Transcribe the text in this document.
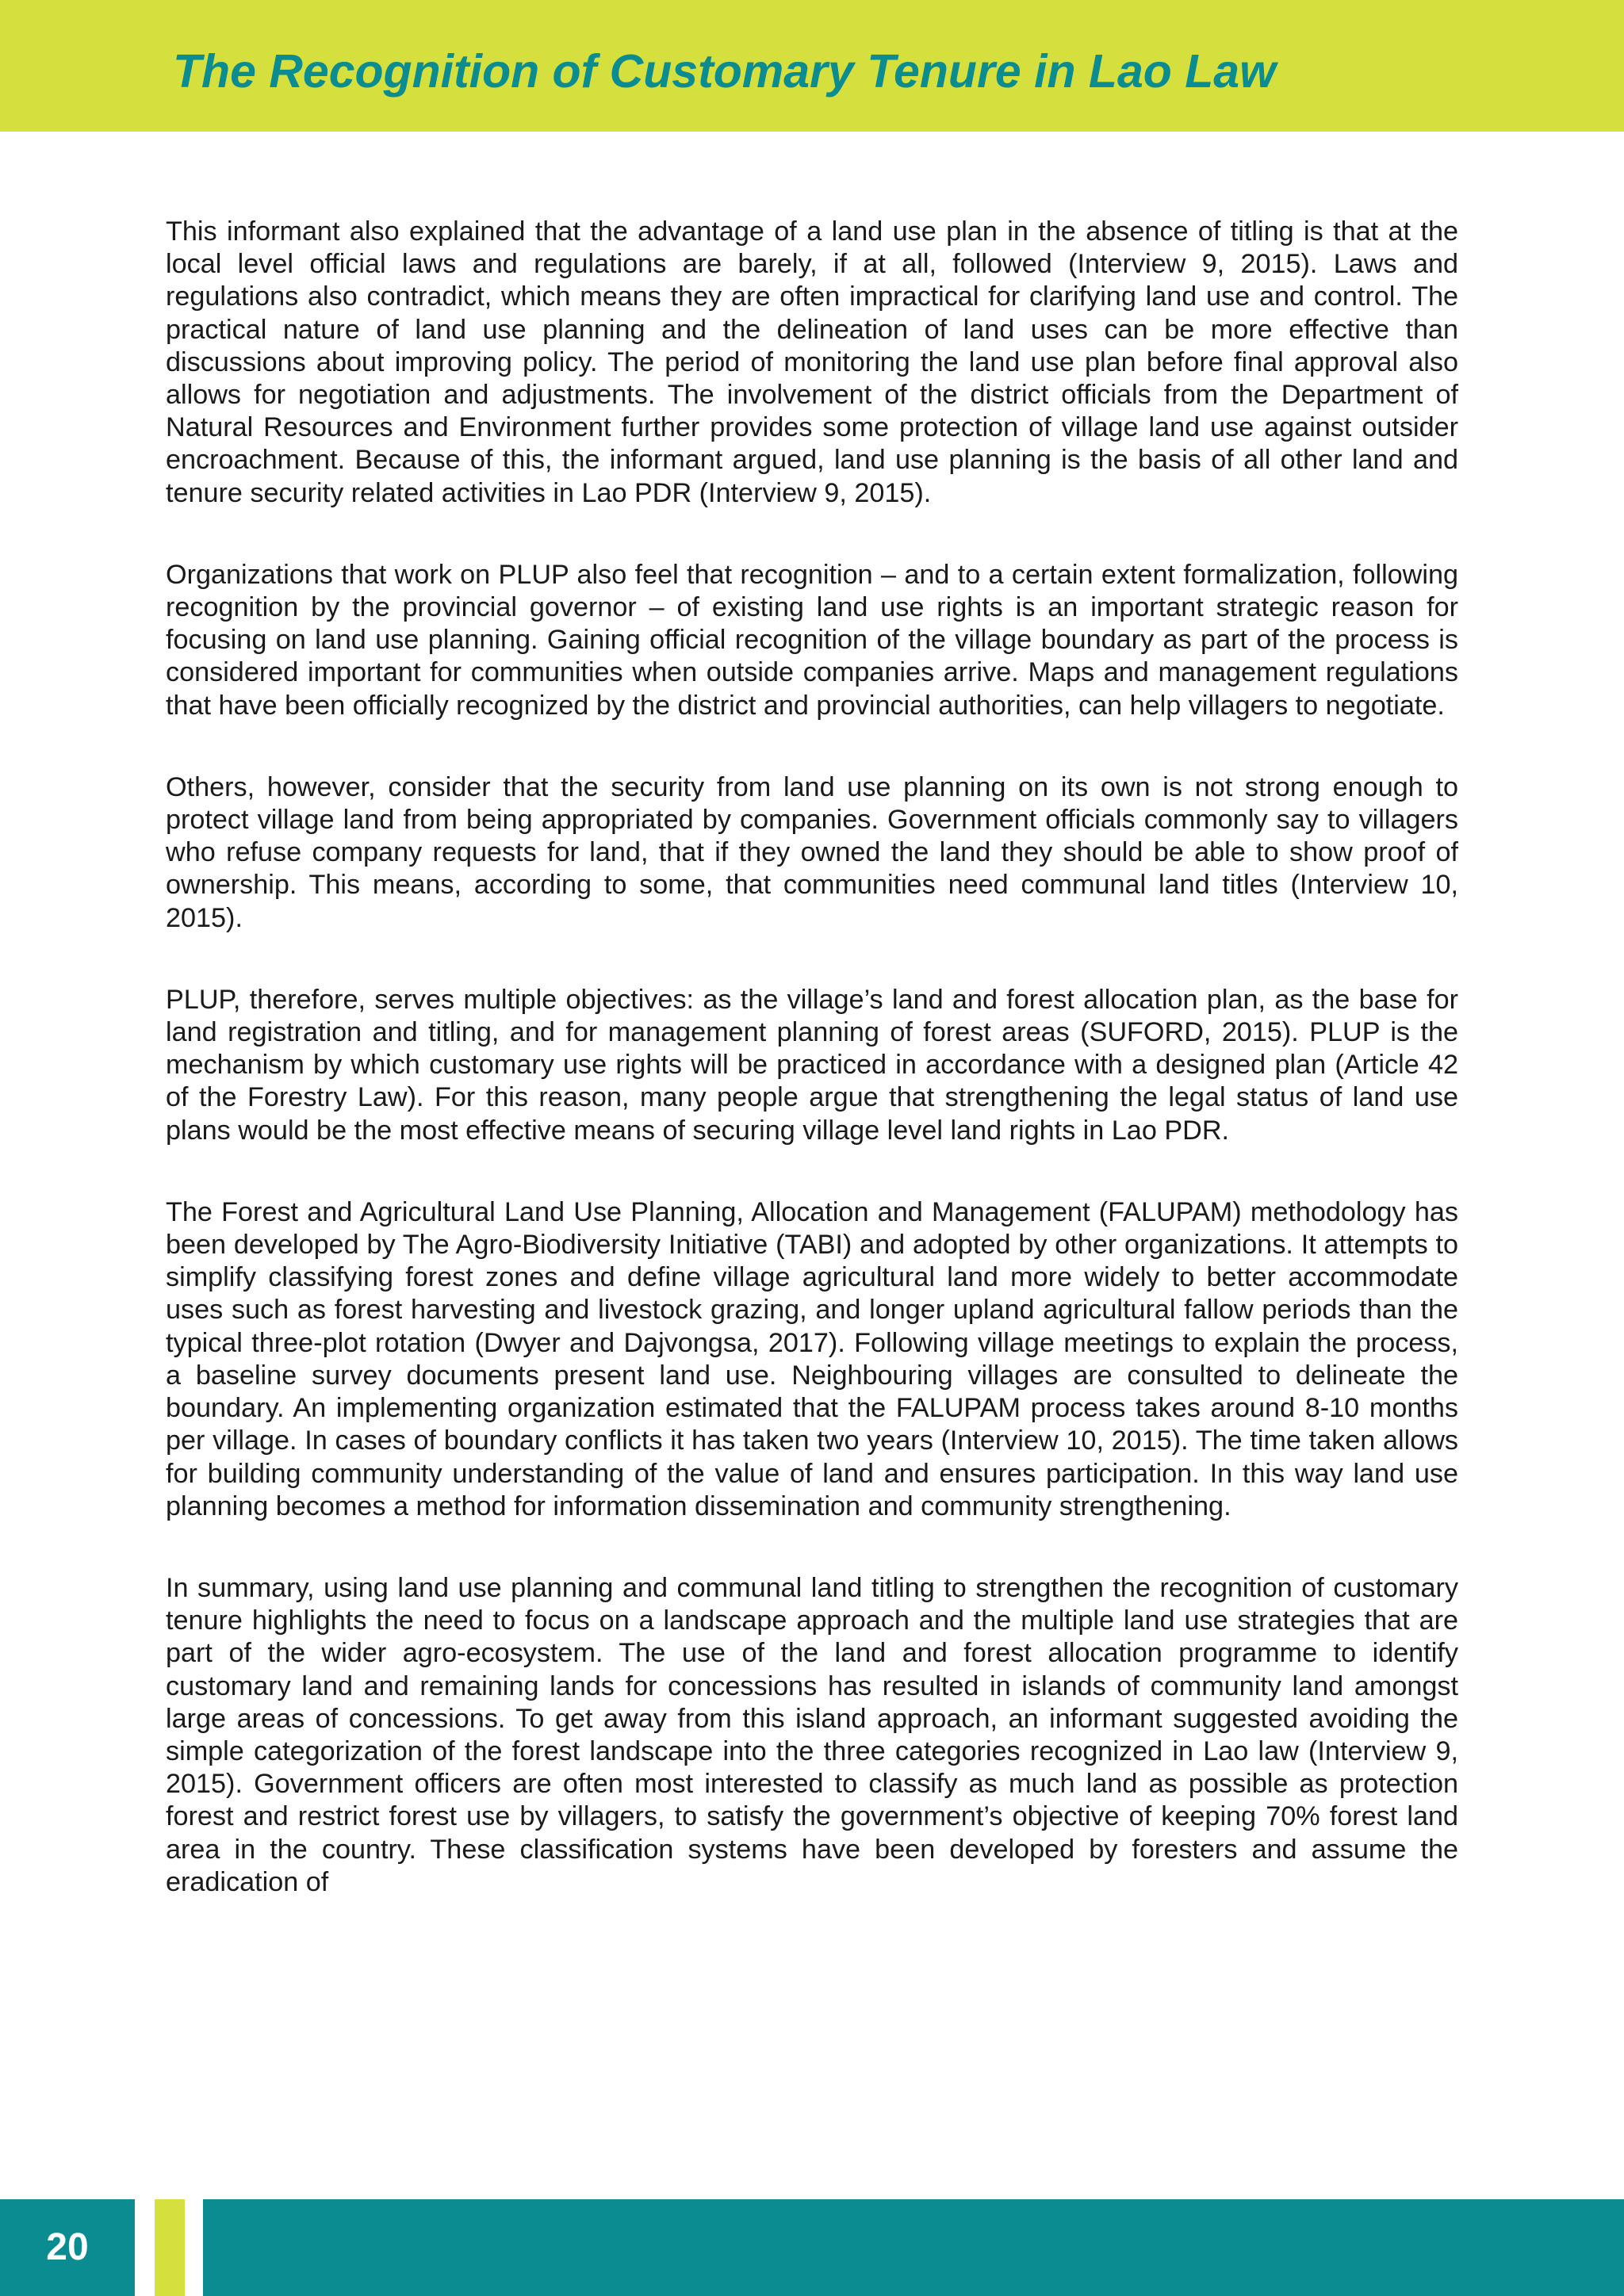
The Recognition of Customary Tenure in Lao Law

This informant also explained that the advantage of a land use plan in the absence of titling is that at the local level official laws and regulations are barely, if at all, followed (Interview 9, 2015). Laws and regulations also contradict, which means they are often impractical for clarifying land use and control. The practical nature of land use planning and the delineation of land uses can be more effective than discussions about improving policy. The period of monitoring the land use plan before final approval also allows for negotiation and adjustments. The involvement of the district officials from the Department of Natural Resources and Environment further provides some protection of village land use against outsider encroachment. Because of this, the informant argued, land use planning is the basis of all other land and tenure security related activities in Lao PDR (Interview 9, 2015).

Organizations that work on PLUP also feel that recognition – and to a certain extent formalization, following recognition by the provincial governor – of existing land use rights is an important strategic reason for focusing on land use planning. Gaining official recognition of the village boundary as part of the process is considered important for communities when outside companies arrive. Maps and management regulations that have been officially recognized by the district and provincial authorities, can help villagers to negotiate.

Others, however, consider that the security from land use planning on its own is not strong enough to protect village land from being appropriated by companies. Government officials commonly say to villagers who refuse company requests for land, that if they owned the land they should be able to show proof of ownership. This means, according to some, that communities need communal land titles (Interview 10, 2015).

PLUP, therefore, serves multiple objectives: as the village’s land and forest allocation plan, as the base for land registration and titling, and for management planning of forest areas (SUFORD, 2015). PLUP is the mechanism by which customary use rights will be practiced in accordance with a designed plan (Article 42 of the Forestry Law). For this reason, many people argue that strengthening the legal status of land use plans would be the most effective means of securing village level land rights in Lao PDR.

The Forest and Agricultural Land Use Planning, Allocation and Management (FALUPAM) methodology has been developed by The Agro-Biodiversity Initiative (TABI) and adopted by other organizations. It attempts to simplify classifying forest zones and define village agricultural land more widely to better accommodate uses such as forest harvesting and livestock grazing, and longer upland agricultural fallow periods than the typical three-plot rotation (Dwyer and Dajvongsa, 2017). Following village meetings to explain the process, a baseline survey documents present land use. Neighbouring villages are consulted to delineate the boundary. An implementing organization estimated that the FALUPAM process takes around 8-10 months per village. In cases of boundary conflicts it has taken two years (Interview 10, 2015). The time taken allows for building community understanding of the value of land and ensures participation. In this way land use planning becomes a method for information dissemination and community strengthening.

In summary, using land use planning and communal land titling to strengthen the recognition of customary tenure highlights the need to focus on a landscape approach and the multiple land use strategies that are part of the wider agro-ecosystem. The use of the land and forest allocation programme to identify customary land and remaining lands for concessions has resulted in islands of community land amongst large areas of concessions. To get away from this island approach, an informant suggested avoiding the simple categorization of the forest landscape into the three categories recognized in Lao law (Interview 9, 2015). Government officers are often most interested to classify as much land as possible as protection forest and restrict forest use by villagers, to satisfy the government’s objective of keeping 70% forest land area in the country. These classification systems have been developed by foresters and assume the eradication of

20
